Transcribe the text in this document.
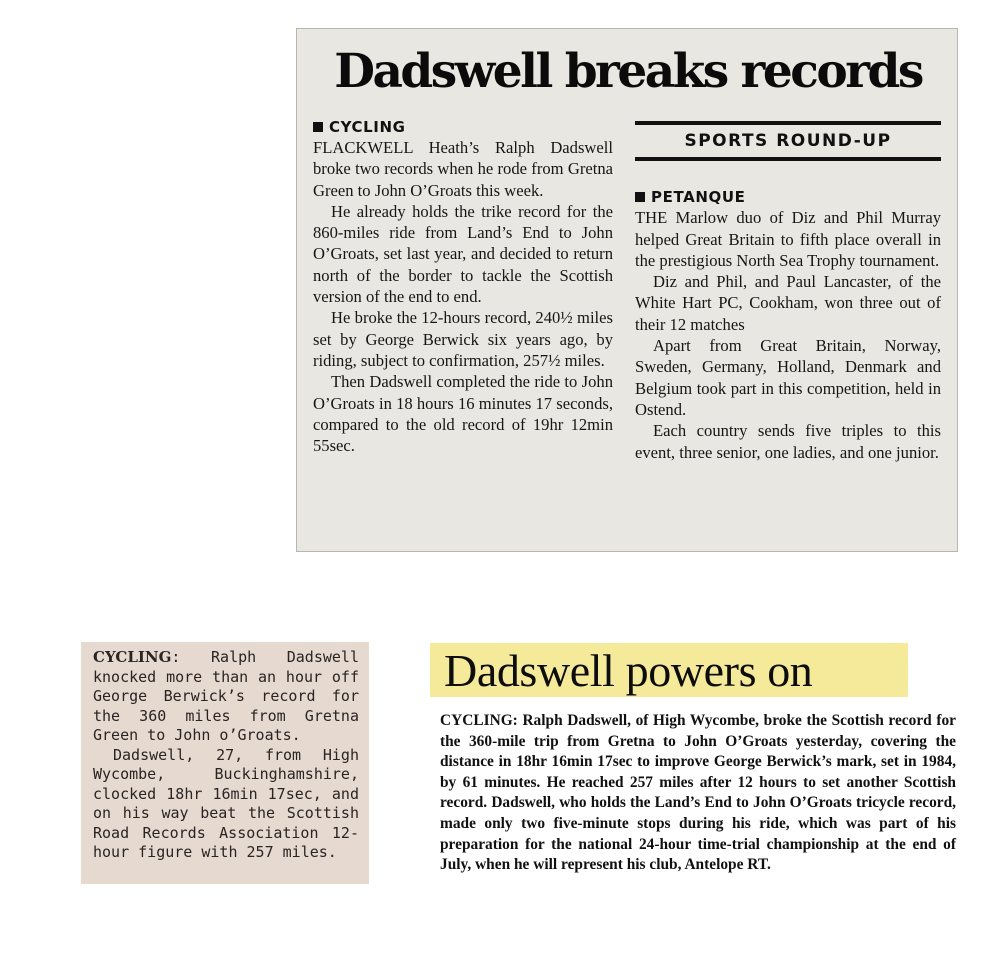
Dadswell breaks records
CYCLING

FLACKWELL Heath’s Ralph Dadswell broke two records when he rode from Gretna Green to John O’Groats this week.

He already holds the trike record for the 860-miles ride from Land’s End to John O’Groats, set last year, and decided to return north of the border to tackle the Scottish version of the end to end.

He broke the 12-hours record, 240½ miles set by George Berwick six years ago, by riding, subject to confirmation, 257½ miles.

Then Dadswell completed the ride to John O’Groats in 18 hours 16 minutes 17 seconds, compared to the old record of 19hr 12min 55sec.

SPORTS ROUND-UP
PETANQUE

THE Marlow duo of Diz and Phil Murray helped Great Britain to fifth place overall in the prestigious North Sea Trophy tournament.

Diz and Phil, and Paul Lancaster, of the White Hart PC, Cookham, won three out of their 12 matches

Apart from Great Britain, Norway, Sweden, Germany, Holland, Denmark and Belgium took part in this competition, held in Ostend.

Each country sends five triples to this event, three senior, one ladies, and one junior.

CYCLING: Ralph Dadswell knocked more than an hour off George Berwick’s record for the 360 miles from Gretna Green to John o’Groats.

Dadswell, 27, from High Wycombe, Buckinghamshire, clocked 18hr 16min 17sec, and on his way beat the Scottish Road Records Association 12-hour figure with 257 miles.

Dadswell powers on

CYCLING: Ralph Dadswell, of High Wycombe, broke the Scottish record for the 360-mile trip from Gretna to John O’Groats yesterday, covering the distance in 18hr 16min 17sec to improve George Berwick’s mark, set in 1984, by 61 minutes. He reached 257 miles after 12 hours to set another Scottish record. Dadswell, who holds the Land’s End to John O’Groats tricycle record, made only two five-minute stops during his ride, which was part of his preparation for the national 24-hour time-trial championship at the end of July, when he will represent his club, Antelope RT.
